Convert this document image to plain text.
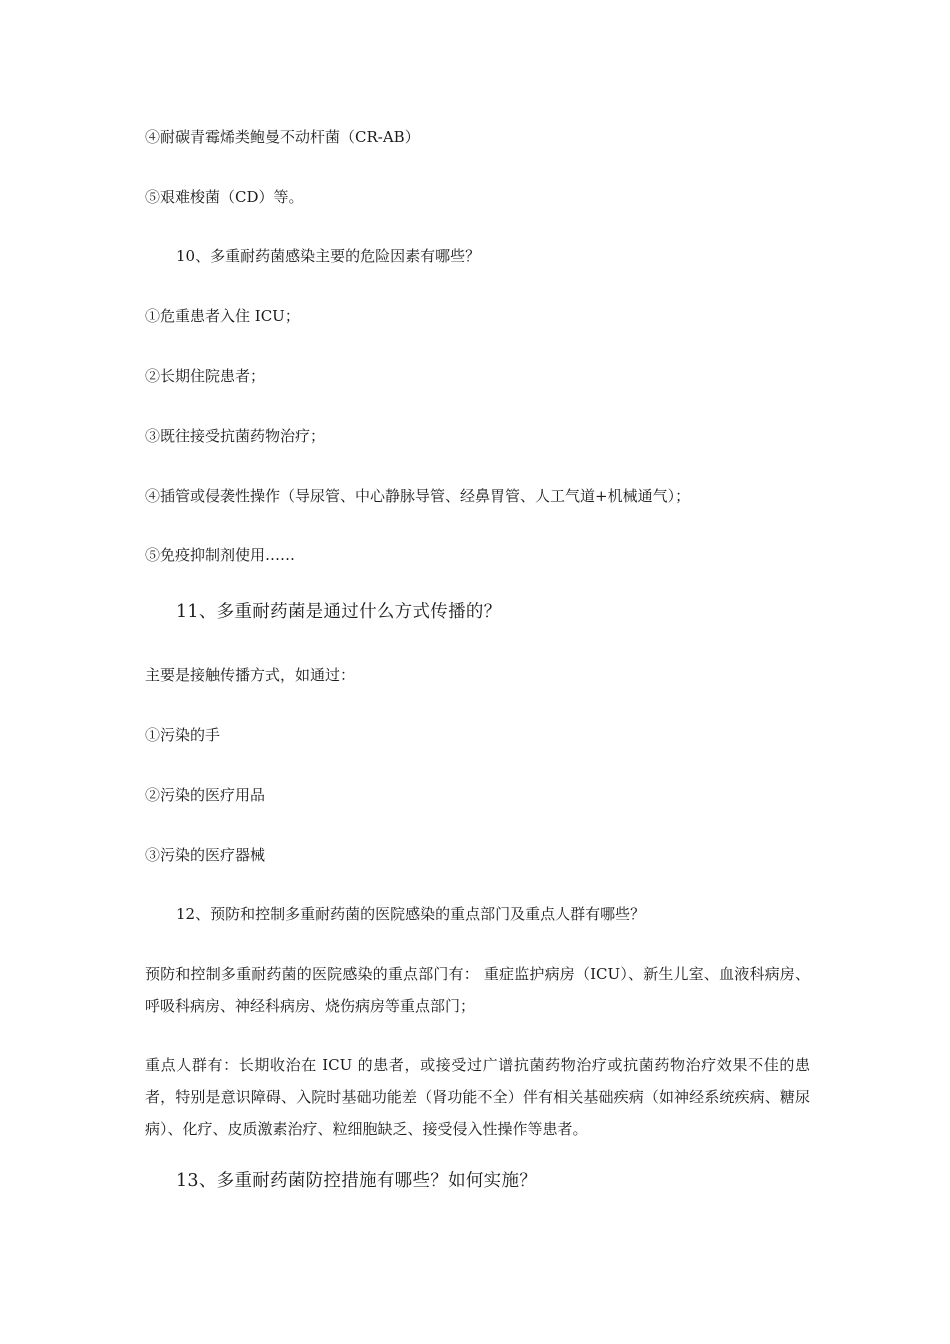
④耐碳青霉烯类鲍曼不动杆菌（CR-AB）
⑤艰难梭菌（CD）等。
10、多重耐药菌感染主要的危险因素有哪些？
①危重患者入住 ICU；
②长期住院患者；
③既往接受抗菌药物治疗；
④插管或侵袭性操作（导尿管、中心静脉导管、经鼻胃管、人工气道+机械通气）；
⑤免疫抑制剂使用……
11、多重耐药菌是通过什么方式传播的？
主要是接触传播方式，如通过：
①污染的手
②污染的医疗用品
③污染的医疗器械
12、预防和控制多重耐药菌的医院感染的重点部门及重点人群有哪些？
预防和控制多重耐药菌的医院感染的重点部门有： 重症监护病房（ICU）、新生儿室、血液科病房、呼吸科病房、神经科病房、烧伤病房等重点部门；
重点人群有：长期收治在 ICU 的患者，或接受过广谱抗菌药物治疗或抗菌药物治疗效果不佳的患者，特别是意识障碍、入院时基础功能差（肾功能不全）伴有相关基础疾病（如神经系统疾病、糖尿病）、化疗、皮质激素治疗、粒细胞缺乏、接受侵入性操作等患者。
13、多重耐药菌防控措施有哪些？如何实施？
